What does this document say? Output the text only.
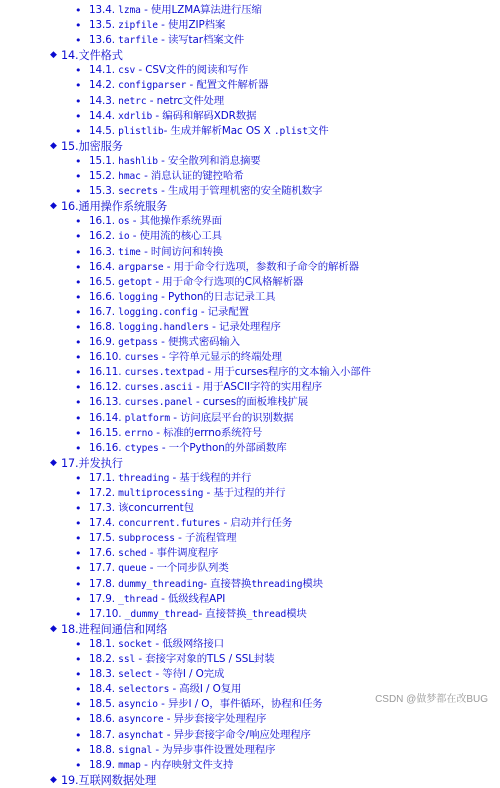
• 13.4. lzma - 使用LZMA算法进行压缩
• 13.5. zipfile - 使用ZIP档案
• 13.6. tarfile - 读写tar档案文件
◆ 14.文件格式
• 14.1. csv - CSV文件的阅读和写作
• 14.2. configparser - 配置文件解析器
• 14.3. netrc - netrc文件处理
• 14.4. xdrlib - 编码和解码XDR数据
• 14.5. plistlib- 生成并解析Mac OS X .plist文件
◆ 15.加密服务
• 15.1. hashlib - 安全散列和消息摘要
• 15.2. hmac - 消息认证的键控哈希
• 15.3. secrets - 生成用于管理机密的安全随机数字
◆ 16.通用操作系统服务
• 16.1. os - 其他操作系统界面
• 16.2. io - 使用流的核心工具
• 16.3. time - 时间访问和转换
• 16.4. argparse - 用于命令行选项，参数和子命令的解析器
• 16.5. getopt - 用于命令行选项的C风格解析器
• 16.6. logging - Python的日志记录工具
• 16.7. logging.config - 记录配置
• 16.8. logging.handlers - 记录处理程序
• 16.9. getpass - 便携式密码输入
• 16.10. curses - 字符单元显示的终端处理
• 16.11. curses.textpad - 用于curses程序的文本输入小部件
• 16.12. curses.ascii - 用于ASCII字符的实用程序
• 16.13. curses.panel - curses的面板堆栈扩展
• 16.14. platform - 访问底层平台的识别数据
• 16.15. errno - 标准的errno系统符号
• 16.16. ctypes - 一个Python的外部函数库
◆ 17.并发执行
• 17.1. threading - 基于线程的并行
• 17.2. multiprocessing - 基于过程的并行
• 17.3. 该concurrent包
• 17.4. concurrent.futures - 启动并行任务
• 17.5. subprocess - 子流程管理
• 17.6. sched - 事件调度程序
• 17.7. queue - 一个同步队列类
• 17.8. dummy_threading- 直接替换threading模块
• 17.9. _thread - 低级线程API
• 17.10. _dummy_thread- 直接替换_thread模块
◆ 18.进程间通信和网络
• 18.1. socket - 低级网络接口
• 18.2. ssl - 套接字对象的TLS / SSL封装
• 18.3. select - 等待I / O完成
• 18.4. selectors - 高级I / O复用
• 18.5. asyncio - 异步I / O，事件循环，协程和任务
• 18.6. asyncore - 异步套接字处理程序
• 18.7. asynchat - 异步套接字命令/响应处理程序
• 18.8. signal - 为异步事件设置处理程序
• 18.9. mmap - 内存映射文件支持
◆ 19.互联网数据处理
CSDN @做梦都在改BUG
